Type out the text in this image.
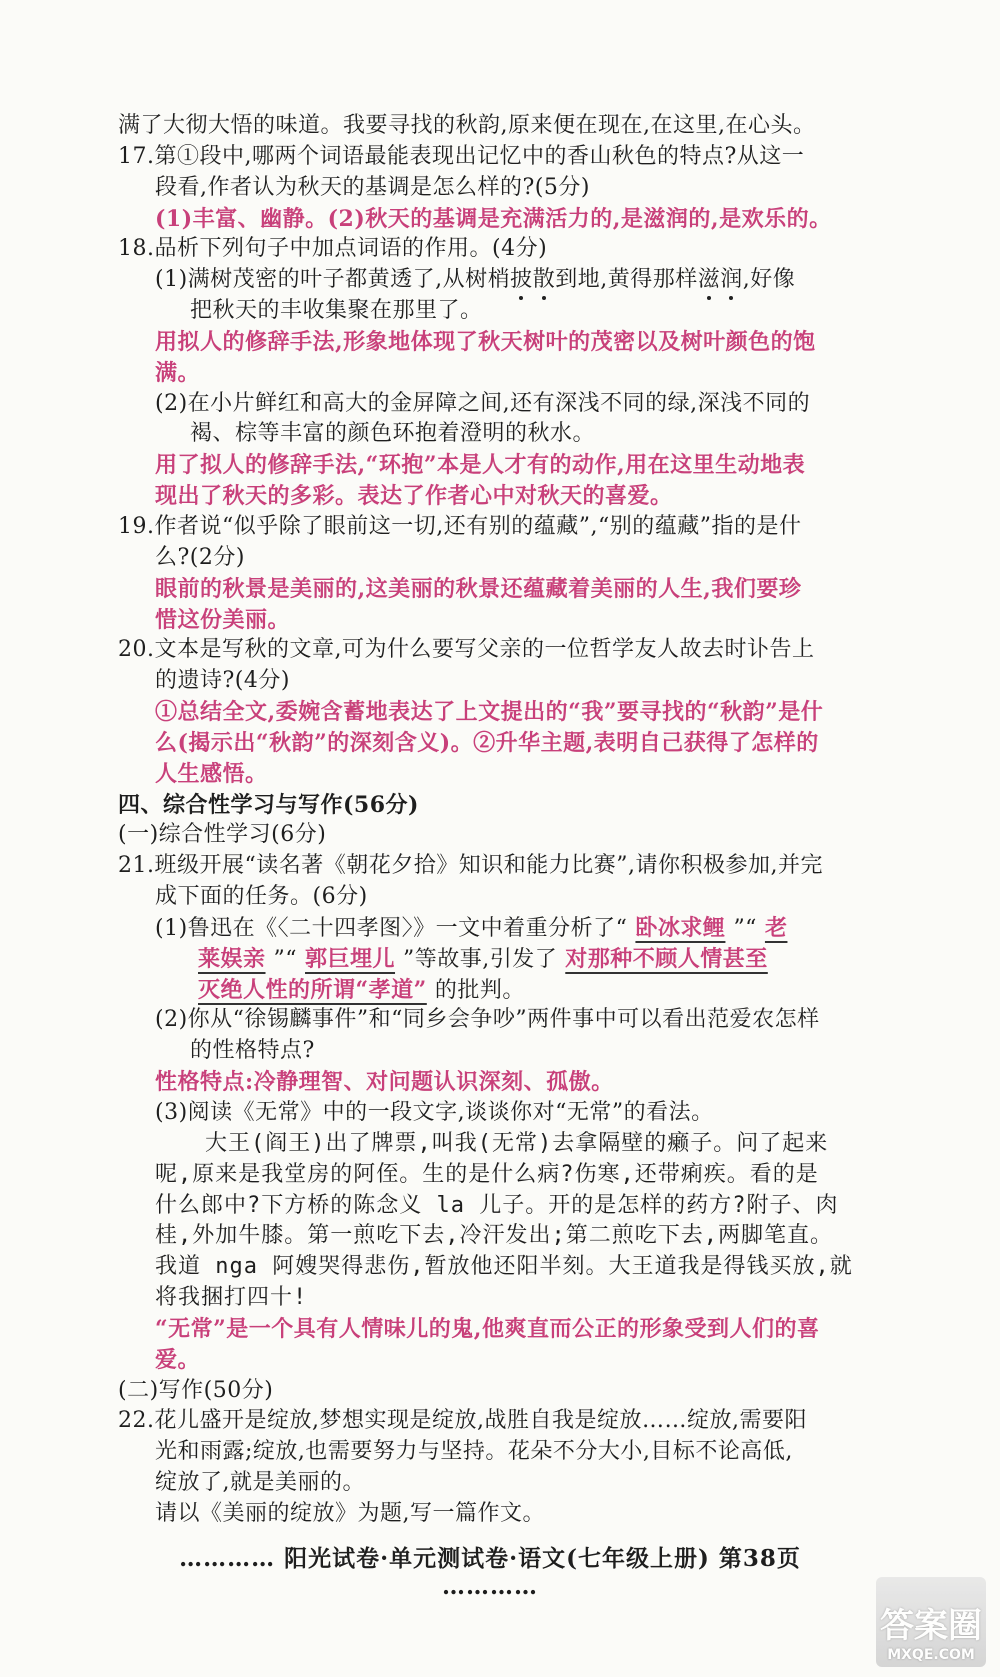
满了大彻大悟的味道。我要寻找的秋韵,原来便在现在,在这里,在心头。
17.第①段中,哪两个词语最能表现出记忆中的香山秋色的特点?从这一
段看,作者认为秋天的基调是怎么样的?(5分)
(1)丰富、幽静。(2)秋天的基调是充满活力的,是滋润的,是欢乐的。
18.品析下列句子中加点词语的作用。(4分)
(1)满树茂密的叶子都黄透了,从树梢披散到地,黄得那样滋润,好像
把秋天的丰收集聚在那里了。
用拟人的修辞手法,形象地体现了秋天树叶的茂密以及树叶颜色的饱
满。
(2)在小片鲜红和高大的金屏障之间,还有深浅不同的绿,深浅不同的
褐、棕等丰富的颜色环抱着澄明的秋水。
用了拟人的修辞手法,“环抱”本是人才有的动作,用在这里生动地表
现出了秋天的多彩。表达了作者心中对秋天的喜爱。
19.作者说“似乎除了眼前这一切,还有别的蕴藏”,“别的蕴藏”指的是什
么?(2分)
眼前的秋景是美丽的,这美丽的秋景还蕴藏着美丽的人生,我们要珍
惜这份美丽。
20.文本是写秋的文章,可为什么要写父亲的一位哲学友人故去时讣告上
的遗诗?(4分)
①总结全文,委婉含蓄地表达了上文提出的“我”要寻找的“秋韵”是什
么(揭示出“秋韵”的深刻含义)。②升华主题,表明自己获得了怎样的
人生感悟。
四、综合性学习与写作(56分)
(一)综合性学习(6分)
21.班级开展“读名著《朝花夕拾》知识和能力比赛”,请你积极参加,并完
成下面的任务。(6分)
(1)鲁迅在《〈二十四孝图〉》一文中着重分析了“ 卧冰求鲤 ”“ 老
莱娱亲 ”“ 郭巨埋儿 ”等故事,引发了 对那种不顾人情甚至
灭绝人性的所谓“孝道” 的批判。
(2)你从“徐锡麟事件”和“同乡会争吵”两件事中可以看出范爱农怎样
的性格特点?
性格特点:冷静理智、对问题认识深刻、孤傲。
(3)阅读《无常》中的一段文字,谈谈你对“无常”的看法。
大王(阎王)出了牌票,叫我(无常)去拿隔壁的癞子。问了起来
呢,原来是我堂房的阿侄。生的是什么病?伤寒,还带痢疾。看的是
什么郎中?下方桥的陈念义 la 儿子。开的是怎样的药方?附子、肉
桂,外加牛膝。第一煎吃下去,冷汗发出;第二煎吃下去,两脚笔直。
我道 nga 阿嫂哭得悲伤,暂放他还阳半刻。大王道我是得钱买放,就
将我捆打四十!
爱。
(二)写作(50分)
22.花儿盛开是绽放,梦想实现是绽放,战胜自我是绽放……绽放,需要阳
光和雨露;绽放,也需要努力与坚持。花朵不分大小,目标不论高低,
绽放了,就是美丽的。
请以《美丽的绽放》为题,写一篇作文。
“无常”是一个具有人情味儿的鬼,他爽直而公正的形象受到人们的喜
………… 阳光试卷·单元测试卷·语文(七年级上册) 第38页 …………
答案圈
MXQE.COM
